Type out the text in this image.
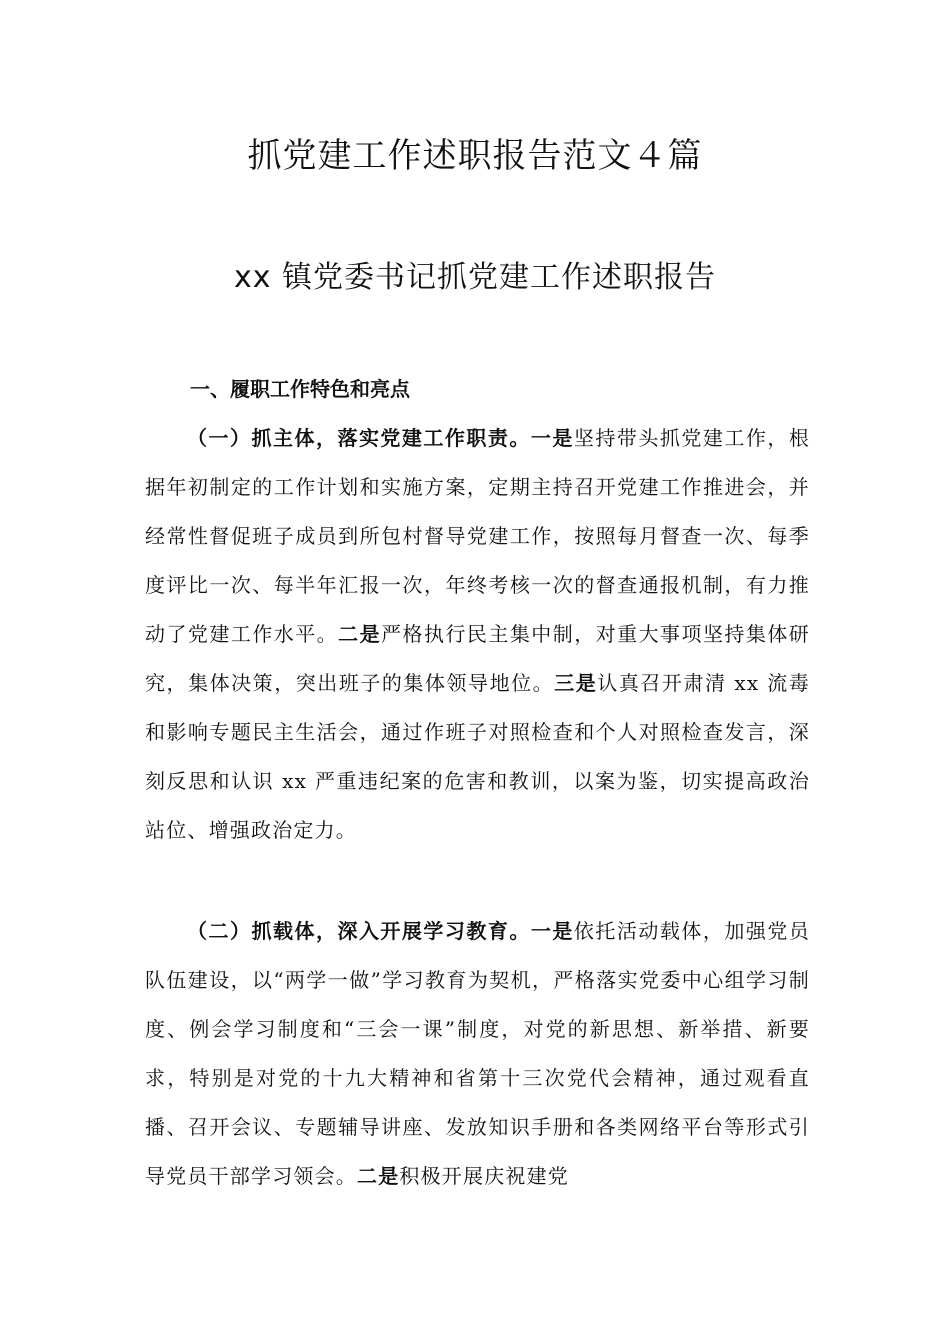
抓党建工作述职报告范文４篇
xx 镇党委书记抓党建工作述职报告
一、履职工作特色和亮点

（一）抓主体，落实党建工作职责。一是坚持带头抓党建工作，根据年初制定的工作计划和实施方案，定期主持召开党建工作推进会，并经常性督促班子成员到所包村督导党建工作，按照每月督查一次、每季度评比一次、每半年汇报一次，年终考核一次的督查通报机制，有力推动了党建工作水平。二是严格执行民主集中制，对重大事项坚持集体研究，集体决策，突出班子的集体领导地位。三是认真召开肃清 xx 流毒和影响专题民主生活会，通过作班子对照检查和个人对照检查发言，深刻反思和认识 xx 严重违纪案的危害和教训，以案为鉴，切实提高政治站位、增强政治定力。

（二）抓载体，深入开展学习教育。一是依托活动载体，加强党员队伍建设，以“两学一做”学习教育为契机，严格落实党委中心组学习制度、例会学习制度和“三会一课”制度，对党的新思想、新举措、新要求，特别是对党的十九大精神和省第十三次党代会精神，通过观看直播、召开会议、专题辅导讲座、发放知识手册和各类网络平台等形式引导党员干部学习领会。二是积极开展庆祝建党
